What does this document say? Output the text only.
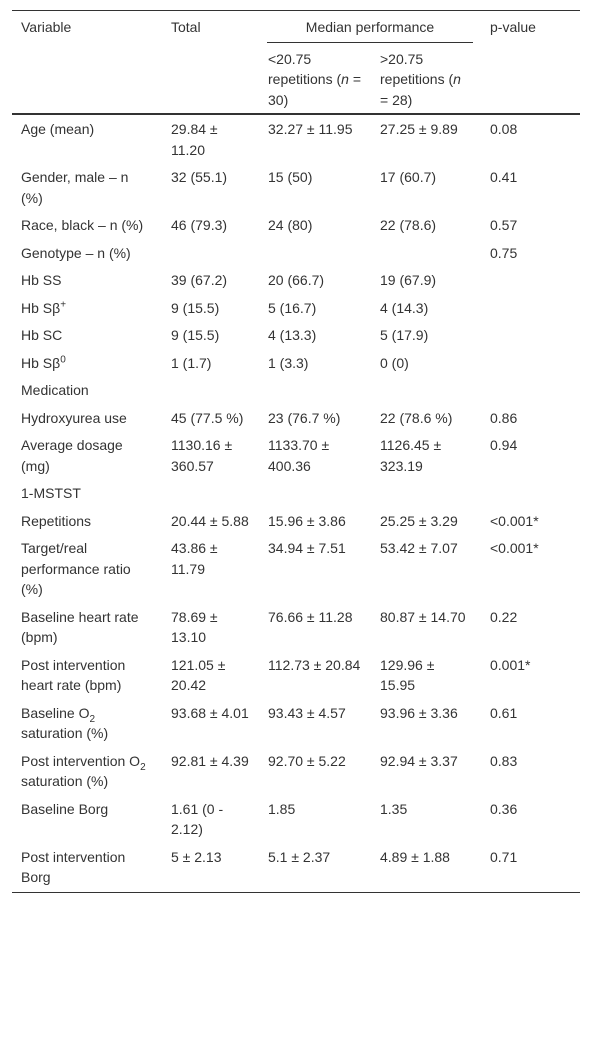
Variable	Total	Median performance		p-value
		<20.75 repetitions (n = 30)	>20.75 repetitions (n = 28)	
Age (mean)	29.84 ± 11.20	32.27 ± 11.95	27.25 ± 9.89	0.08
Gender, male – n (%)	32 (55.1)	15 (50)	17 (60.7)	0.41
Race, black – n (%)	46 (79.3)	24 (80)	22 (78.6)	0.57
Genotype – n (%)				0.75
Hb SS	39 (67.2)	20 (66.7)	19 (67.9)	
Hb Sβ+	9 (15.5)	5 (16.7)	4 (14.3)	
Hb SC	9 (15.5)	4 (13.3)	5 (17.9)	
Hb $S\beta^0$	1 (1.7)	1 (3.3)	0 (0)	
Medication				
Hydroxyurea use	45 (77.5 %)	23 (76.7 %)	22 (78.6 %)	0.86
Average dosage (mg)	1130.16 ± 360.57	1133.70 ± 400.36	1126.45 ± 323.19	0.94
1-MSTST				
Repetitions	20.44 ± 5.88	15.96 ± 3.86	25.25 ± 3.29	<0.001*
Target/real performance ratio (%)	43.86 ± 11.79	34.94 ± 7.51	53.42 ± 7.07	<0.001*
Baseline heart rate (bpm)	78.69 ± 13.10	76.66 ± 11.28	80.87 ± 14.70	0.22
Post intervention heart rate (bpm)	121.05 ± 20.42	112.73 ± 20.84	129.96 ± 15.95	0.001*
Baseline $O_2$ saturation (%)	93.68 ± 4.01	93.43 ± 4.57	93.96 ± 3.36	0.61
Post intervention $O_2$ saturation (%)	92.81 ± 4.39	92.70 ± 5.22	92.94 ± 3.37	0.83
Baseline Borg	1.61 (0 - 2.12)	1.85	1.35	0.36
Post intervention Borg	5 ± 2.13	5.1 ± 2.37	4.89 ± 1.88	0.71
